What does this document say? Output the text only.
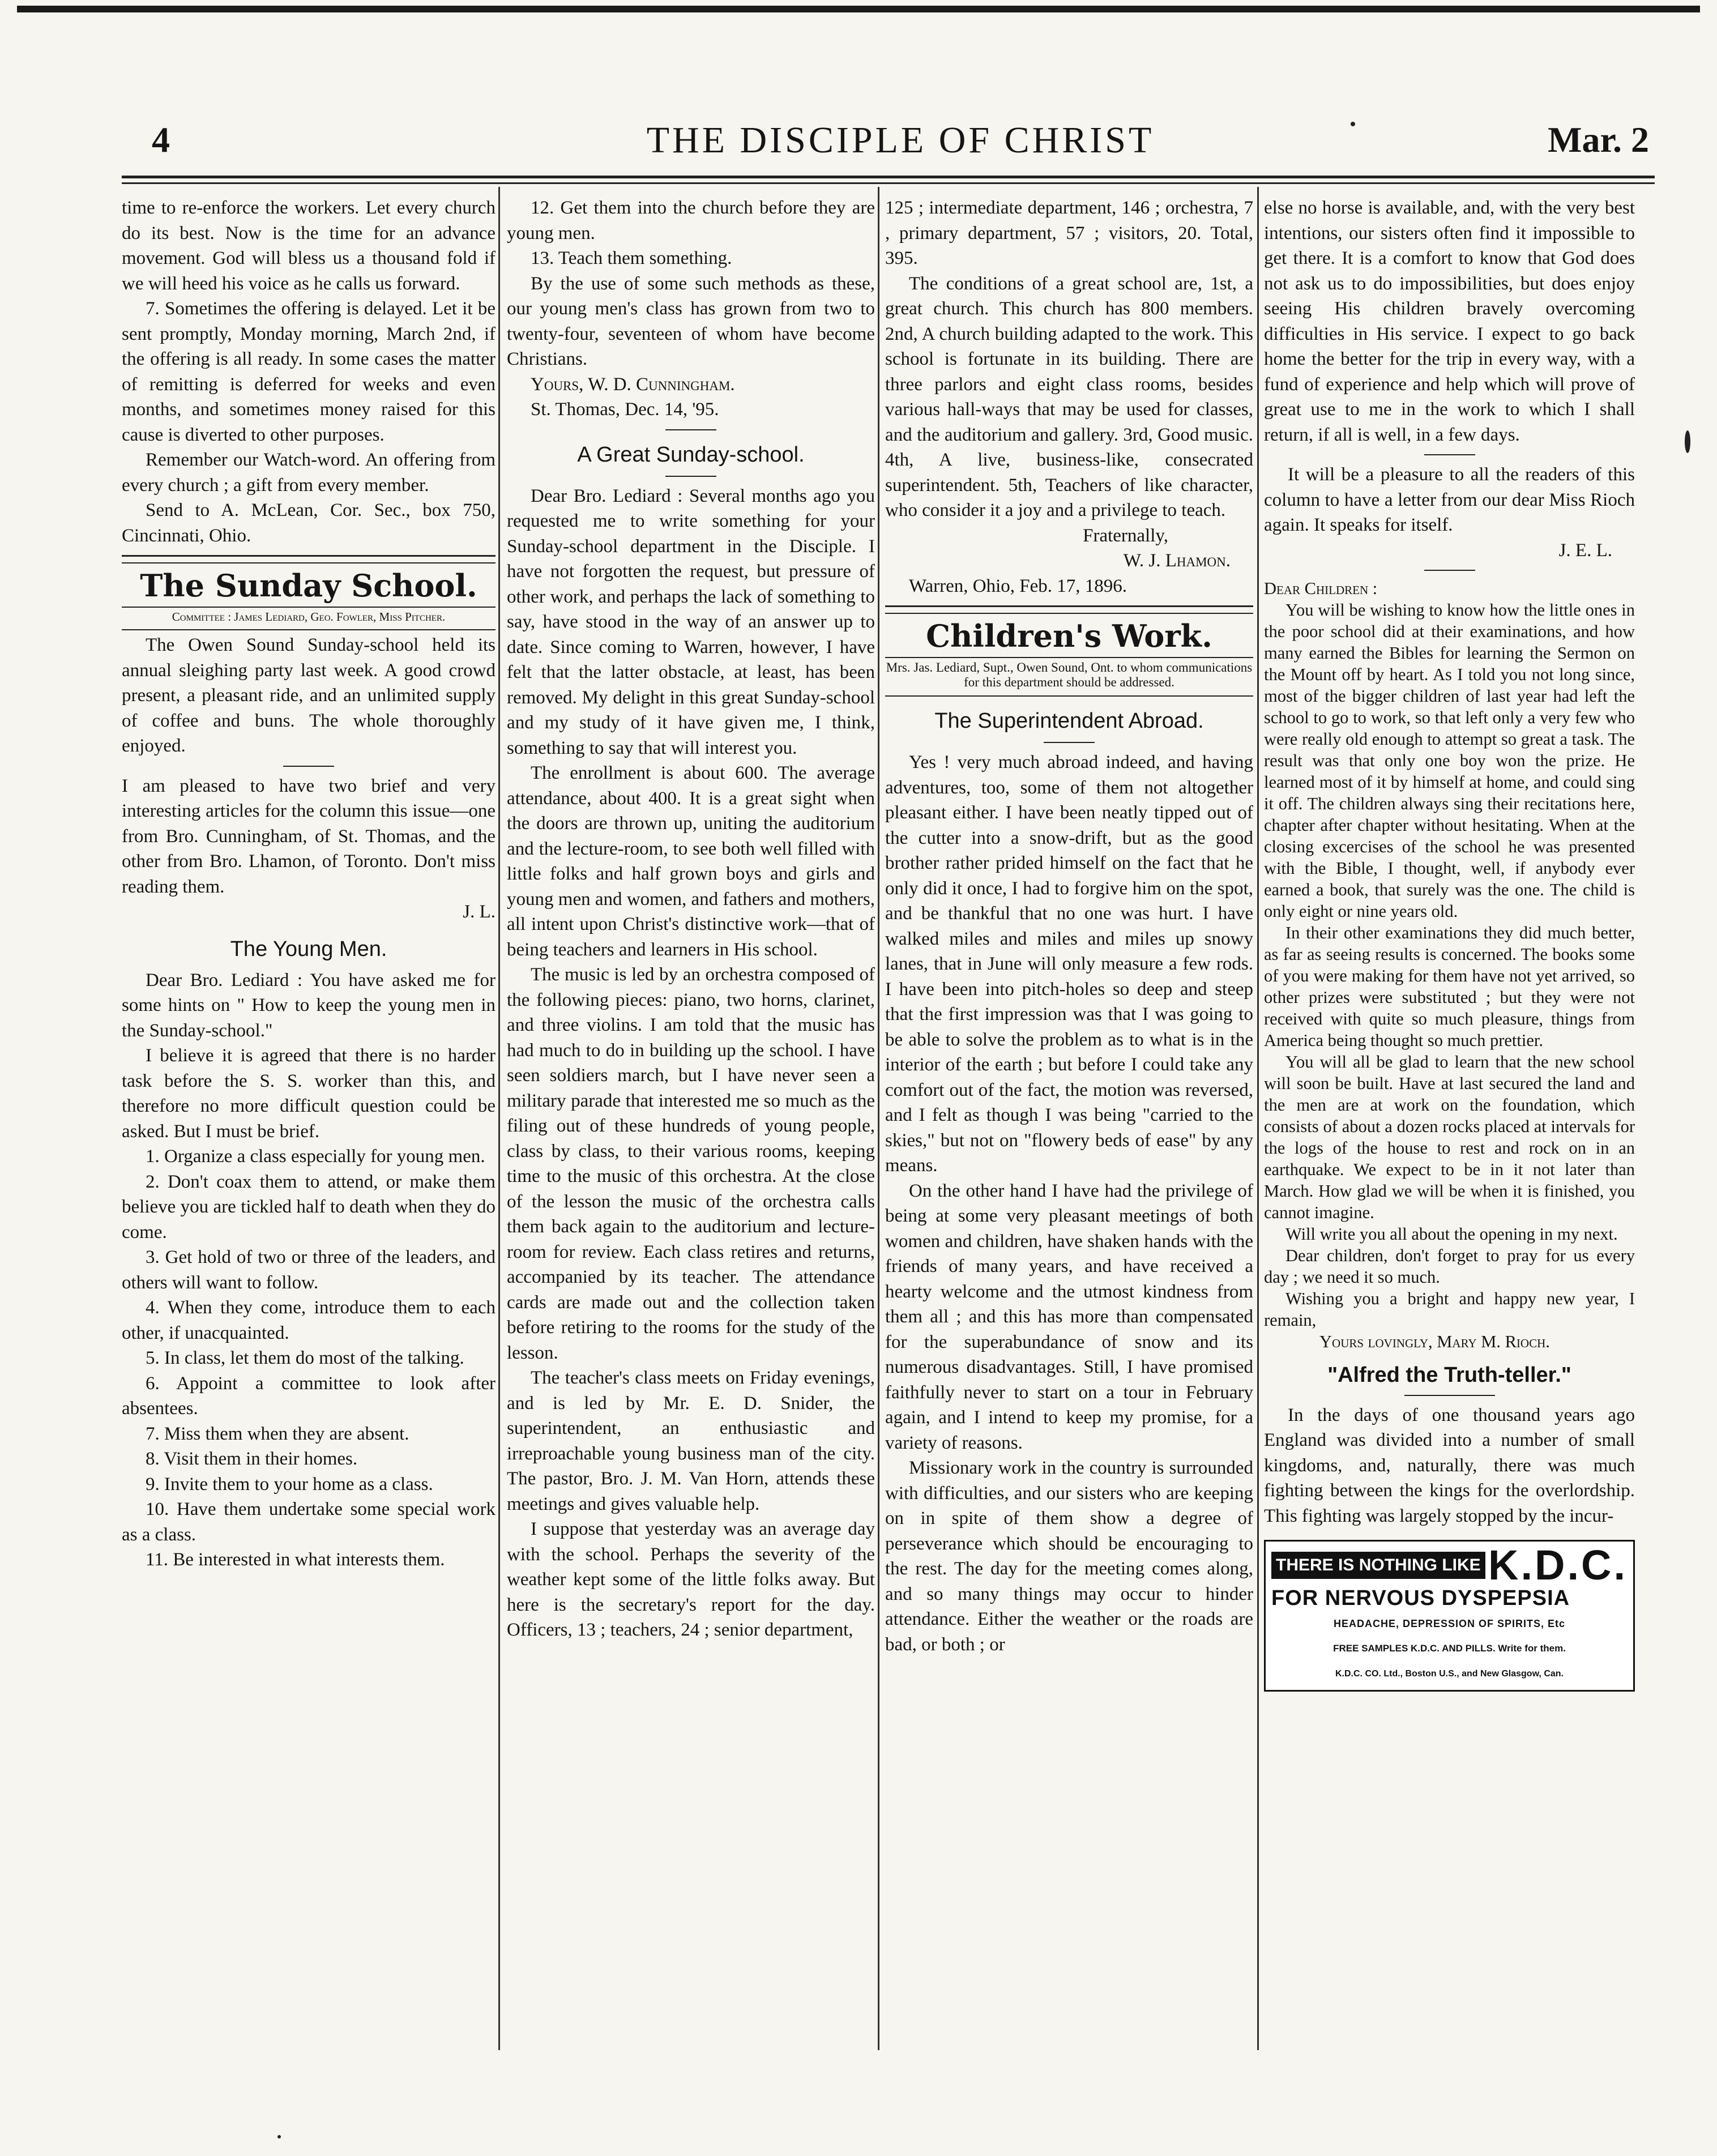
4	THE DISCIPLE OF CHRIST	Mar. 2

time to re-enforce the workers. Let every church do its best. Now is the time for an advance movement. God will bless us a thousand fold if we will heed his voice as he calls us forward.

7. Sometimes the offering is delayed. Let it be sent promptly, Monday morning, March 2nd, if the offering is all ready. In some cases the matter of remitting is deferred for weeks and even months, and sometimes money raised for this cause is diverted to other purposes.

Remember our Watch-word. An offering from every church ; a gift from every member.

Send to A. McLean, Cor. Sec., box 750, Cincinnati, Ohio.

The Sunday School.
Committee : James Lediard, Geo. Fowler, Miss Pitcher.

The Owen Sound Sunday-school held its annual sleighing party last week. A good crowd present, a pleasant ride, and an unlimited supply of coffee and buns. The whole thoroughly enjoyed.

I am pleased to have two brief and very interesting articles for the column this issue—one from Bro. Cunningham, of St. Thomas, and the other from Bro. Lhamon, of Toronto. Don't miss reading them.

J. L.

The Young Men.

Dear Bro. Lediard : You have asked me for some hints on " How to keep the young men in the Sunday-school."

I believe it is agreed that there is no harder task before the S. S. worker than this, and therefore no more difficult question could be asked. But I must be brief.

1. Organize a class especially for young men.

2. Don't coax them to attend, or make them believe you are tickled half to death when they do come.

3. Get hold of two or three of the leaders, and others will want to follow.

4. When they come, introduce them to each other, if unacquainted.

5. In class, let them do most of the talking.

6. Appoint a committee to look after absentees.

7. Miss them when they are absent.

8. Visit them in their homes.

9. Invite them to your home as a class.

10. Have them undertake some special work as a class.

11. Be interested in what interests them.

12. Get them into the church before they are young men.

13. Teach them something.

By the use of some such methods as these, our young men's class has grown from two to twenty-four, seventeen of whom have become Christians.

Yours, W. D. Cunningham.

St. Thomas, Dec. 14, '95.

A Great Sunday-school.

Dear Bro. Lediard : Several months ago you requested me to write something for your Sunday-school department in the Disciple. I have not forgotten the request, but pressure of other work, and perhaps the lack of something to say, have stood in the way of an answer up to date. Since coming to Warren, however, I have felt that the latter obstacle, at least, has been removed. My delight in this great Sunday-school and my study of it have given me, I think, something to say that will interest you.

The enrollment is about 600. The average attendance, about 400. It is a great sight when the doors are thrown up, uniting the auditorium and the lecture-room, to see both well filled with little folks and half grown boys and girls and young men and women, and fathers and mothers, all intent upon Christ's distinctive work—that of being teachers and learners in His school.

The music is led by an orchestra composed of the following pieces: piano, two horns, clarinet, and three violins. I am told that the music has had much to do in building up the school. I have seen soldiers march, but I have never seen a military parade that interested me so much as the filing out of these hundreds of young people, class by class, to their various rooms, keeping time to the music of this orchestra. At the close of the lesson the music of the orchestra calls them back again to the auditorium and lecture-room for review. Each class retires and returns, accompanied by its teacher. The attendance cards are made out and the collection taken before retiring to the rooms for the study of the lesson.

The teacher's class meets on Friday evenings, and is led by Mr. E. D. Snider, the superintendent, an enthusiastic and irreproachable young business man of the city. The pastor, Bro. J. M. Van Horn, attends these meetings and gives valuable help.

I suppose that yesterday was an average day with the school. Perhaps the severity of the weather kept some of the little folks away. But here is the secretary's report for the day. Officers, 13 ; teachers, 24 ; senior department,

125 ; intermediate department, 146 ; orchestra, 7 , primary department, 57 ; visitors, 20. Total, 395.

The conditions of a great school are, 1st, a great church. This church has 800 members. 2nd, A church building adapted to the work. This school is fortunate in its building. There are three parlors and eight class rooms, besides various hall-ways that may be used for classes, and the auditorium and gallery. 3rd, Good music. 4th, A live, business-like, consecrated superintendent. 5th, Teachers of like character, who consider it a joy and a privilege to teach.

Fraternally,

W. J. Lhamon.

Warren, Ohio, Feb. 17, 1896.

Children's Work.
Mrs. Jas. Lediard, Supt., Owen Sound, Ont. to whom communications for this department should be addressed.
The Superintendent Abroad.

Yes ! very much abroad indeed, and having adventures, too, some of them not altogether pleasant either. I have been neatly tipped out of the cutter into a snow-drift, but as the good brother rather prided himself on the fact that he only did it once, I had to forgive him on the spot, and be thankful that no one was hurt. I have walked miles and miles and miles up snowy lanes, that in June will only measure a few rods. I have been into pitch-holes so deep and steep that the first impression was that I was going to be able to solve the problem as to what is in the interior of the earth ; but before I could take any comfort out of the fact, the motion was reversed, and I felt as though I was being "carried to the skies," but not on "flowery beds of ease" by any means.

On the other hand I have had the privilege of being at some very pleasant meetings of both women and children, have shaken hands with the friends of many years, and have received a hearty welcome and the utmost kindness from them all ; and this has more than compensated for the superabundance of snow and its numerous disadvantages. Still, I have promised faithfully never to start on a tour in February again, and I intend to keep my promise, for a variety of reasons.

Missionary work in the country is surrounded with difficulties, and our sisters who are keeping on in spite of them show a degree of perseverance which should be encouraging to the rest. The day for the meeting comes along, and so many things may occur to hinder attendance. Either the weather or the roads are bad, or both ; or

else no horse is available, and, with the very best intentions, our sisters often find it impossible to get there. It is a comfort to know that God does not ask us to do impossibilities, but does enjoy seeing His children bravely overcoming difficulties in His service. I expect to go back home the better for the trip in every way, with a fund of experience and help which will prove of great use to me in the work to which I shall return, if all is well, in a few days.

It will be a pleasure to all the readers of this column to have a letter from our dear Miss Rioch again. It speaks for itself.

J. E. L.

Dear Children :

You will be wishing to know how the little ones in the poor school did at their examinations, and how many earned the Bibles for learning the Sermon on the Mount off by heart. As I told you not long since, most of the bigger children of last year had left the school to go to work, so that left only a very few who were really old enough to attempt so great a task. The result was that only one boy won the prize. He learned most of it by himself at home, and could sing it off. The children always sing their recitations here, chapter after chapter without hesitating. When at the closing excercises of the school he was presented with the Bible, I thought, well, if anybody ever earned a book, that surely was the one. The child is only eight or nine years old.

In their other examinations they did much better, as far as seeing results is concerned. The books some of you were making for them have not yet arrived, so other prizes were substituted ; but they were not received with quite so much pleasure, things from America being thought so much prettier.

You will all be glad to learn that the new school will soon be built. Have at last secured the land and the men are at work on the foundation, which consists of about a dozen rocks placed at intervals for the logs of the house to rest and rock on in an earthquake. We expect to be in it not later than March. How glad we will be when it is finished, you cannot imagine.

Will write you all about the opening in my next.

Dear children, don't forget to pray for us every day ; we need it so much.

Wishing you a bright and happy new year, I remain,

Yours lovingly, Mary M. Rioch.

"Alfred the Truth-teller."

In the days of one thousand years ago England was divided into a number of small kingdoms, and, naturally, there was much fighting between the kings for the overlordship. This fighting was largely stopped by the incur-

THERE IS NOTHING LIKE K.D.C.
FOR NERVOUS DYSPEPSIA
HEADACHE, DEPRESSION OF SPIRITS, Etc
FREE SAMPLES K.D.C. AND PILLS. Write for them.
K.D.C. CO. Ltd., Boston U.S., and New Glasgow, Can.
